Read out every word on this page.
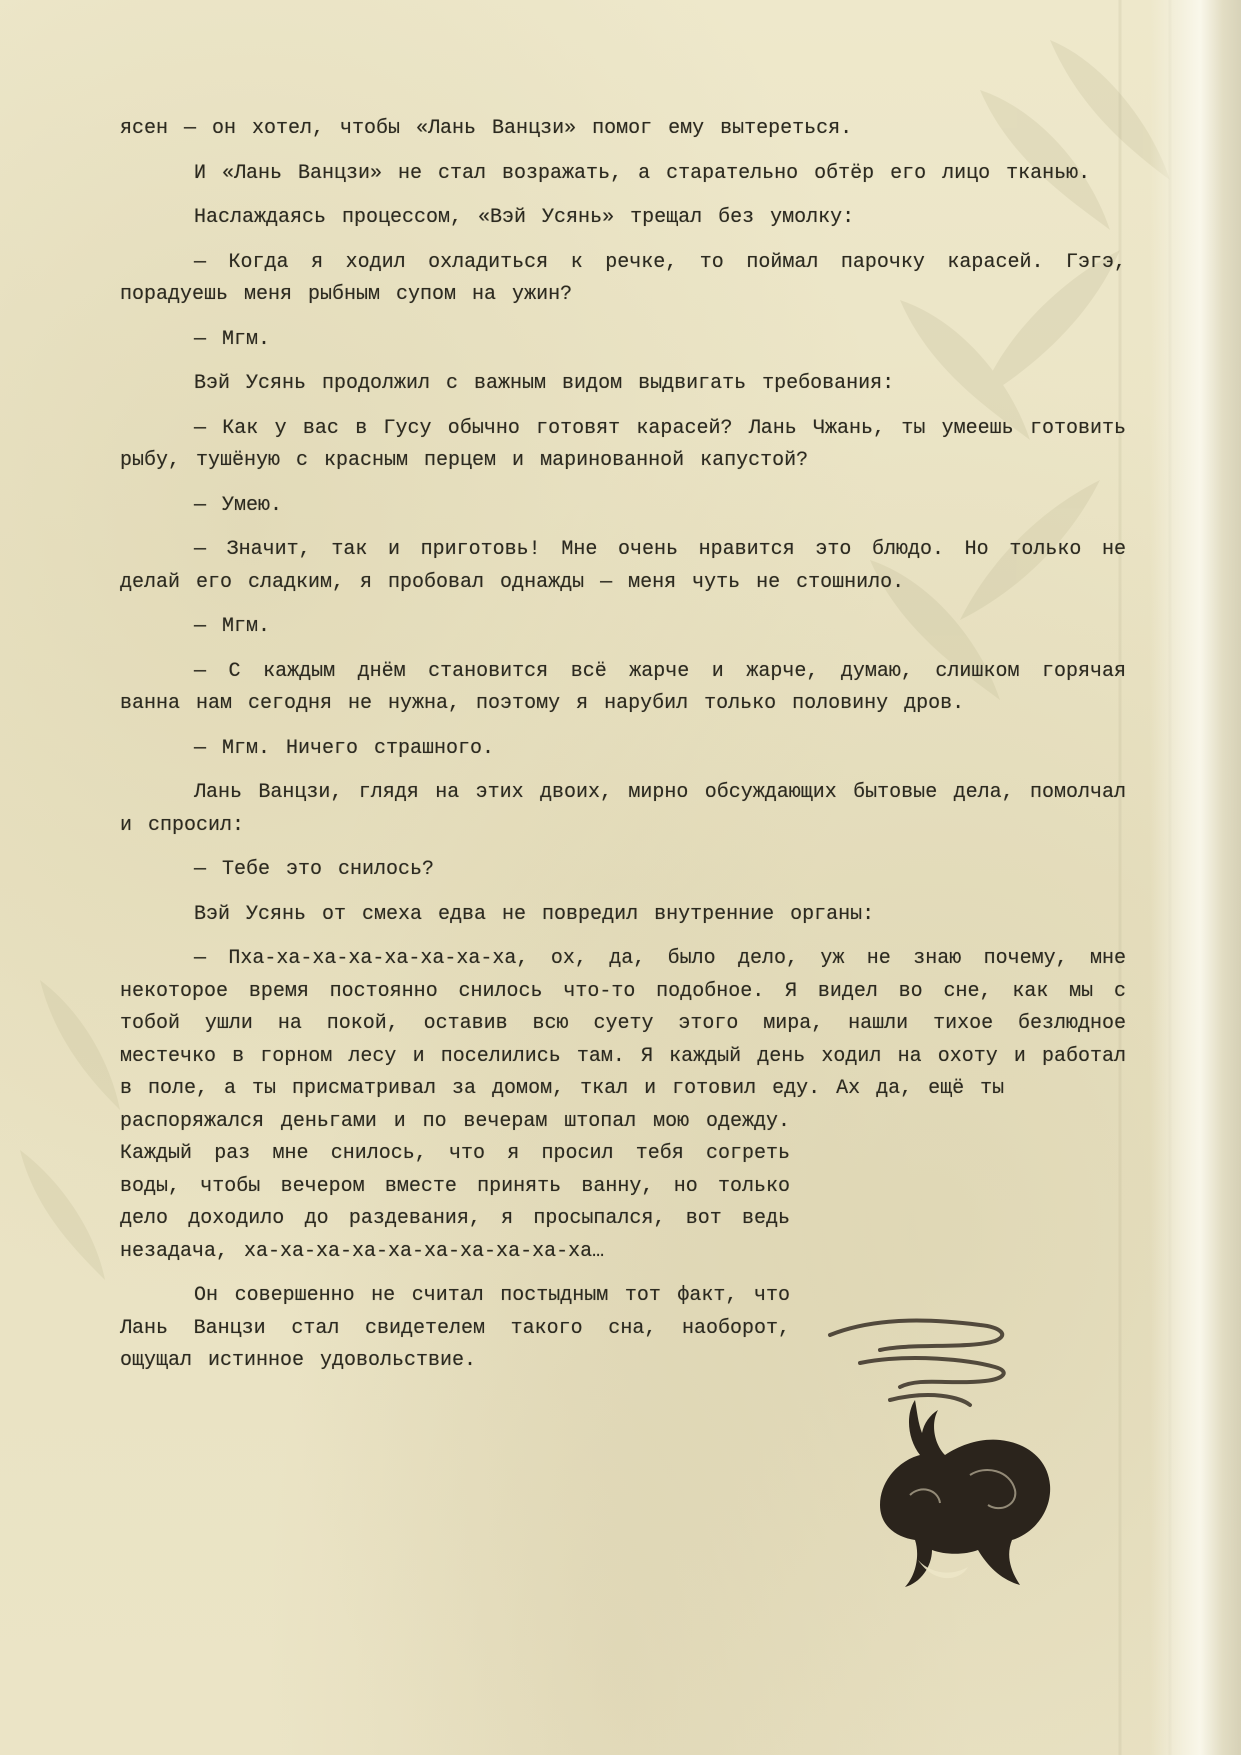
ясен — он хотел, чтобы «Лань Ванцзи» помог ему вытереться.

И «Лань Ванцзи» не стал возражать, а старательно обтёр его лицо тканью.

Наслаждаясь процессом, «Вэй Усянь» трещал без умолку:

— Когда я ходил охладиться к речке, то поймал парочку карасей. Гэгэ, порадуешь меня рыбным супом на ужин?

— Мгм.

Вэй Усянь продолжил с важным видом выдвигать требования:

— Как у вас в Гусу обычно готовят карасей? Лань Чжань, ты умеешь готовить рыбу, тушёную с красным перцем и маринованной капустой?

— Умею.

— Значит, так и приготовь! Мне очень нравится это блюдо. Но только не делай его сладким, я пробовал однажды — меня чуть не стошнило.

— Мгм.

— С каждым днём становится всё жарче и жарче, думаю, слишком горячая ванна нам сегодня не нужна, поэтому я нарубил только половину дров.

— Мгм. Ничего страшного.

Лань Ванцзи, глядя на этих двоих, мирно обсуждающих бытовые дела, помолчал и спросил:

— Тебе это снилось?

Вэй Усянь от смеха едва не повредил внутренние органы:

— Пха-ха-ха-ха-ха-ха-ха-ха, ох, да, было дело, уж не знаю почему, мне некоторое время постоянно снилось что-то подобное. Я видел во сне, как мы с тобой ушли на покой, оставив всю суету этого мира, нашли тихое безлюдное местечко в горном лесу и поселились там. Я каждый день ходил на охоту и работал в поле, а ты присматривал за домом, ткал и готовил еду. Ах да, ещё ты

распоряжался деньгами и по вечерам штопал мою одежду. Каждый раз мне снилось, что я просил тебя согреть воды, чтобы вечером вместе принять ванну, но только дело доходило до раздевания, я просыпался, вот ведь незадача, ха-ха-ха-ха-ха-ха-ха-ха-ха-ха…

Он совершенно не считал постыдным тот факт, что Лань Ванцзи стал свидетелем такого сна, наоборот, ощущал истинное удовольствие.
